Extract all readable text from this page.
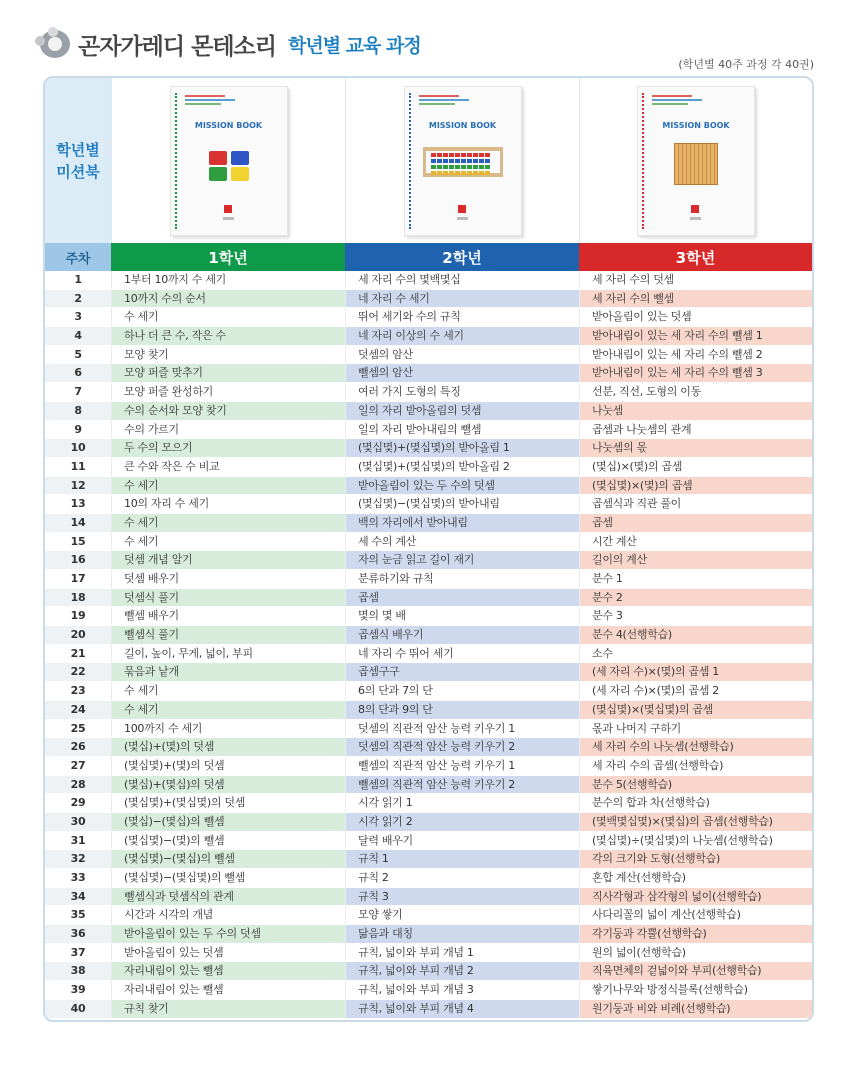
곤자가레디 몬테소리 학년별 교육 과정
(학년별 40주 과정 각 40권)
학년별
미션북
MISSION BOOK	MISSION BOOK	MISSION BOOK
주차	1학년	2학년	3학년
1	1부터 10까지 수 세기	세 자리 수의 몇백몇십	세 자리 수의 덧셈
2	10까지 수의 순서	네 자리 수 세기	세 자리 수의 뺄셈
3	수 세기	뛰어 세기와 수의 규칙	받아올림이 있는 덧셈
4	하나 더 큰 수, 작은 수	네 자리 이상의 수 세기	받아내림이 있는 세 자리 수의 뺄셈 1
5	모양 찾기	덧셈의 암산	받아내림이 있는 세 자리 수의 뺄셈 2
6	모양 퍼즐 맞추기	뺄셈의 암산	받아내림이 있는 세 자리 수의 뺄셈 3
7	모양 퍼즐 완성하기	여러 가지 도형의 특징	선분, 직선, 도형의 이동
8	수의 순서와 모양 찾기	일의 자리 받아올림의 덧셈	나눗셈
9	수의 가르기	일의 자리 받아내림의 뺄셈	곱셈과 나눗셈의 관계
10	두 수의 모으기	(몇십몇)+(몇십몇)의 받아올림 1	나눗셈의 몫
11	큰 수와 작은 수 비교	(몇십몇)+(몇십몇)의 받아올림 2	(몇십)×(몇)의 곱셈
12	수 세기	받아올림이 있는 두 수의 덧셈	(몇십몇)×(몇)의 곱셈
13	10의 자리 수 세기	(몇십몇)−(몇십몇)의 받아내림	곱셈식과 직관 풀이
14	수 세기	백의 자리에서 받아내림	곱셈
15	수 세기	세 수의 계산	시간 계산
16	덧셈 개념 알기	자의 눈금 읽고 길이 재기	길이의 계산
17	덧셈 배우기	분류하기와 규칙	분수 1
18	덧셈식 풀기	곱셈	분수 2
19	뺄셈 배우기	몇의 몇 배	분수 3
20	뺄셈식 풀기	곱셈식 배우기	분수 4(선행학습)
21	길이, 높이, 무게, 넓이, 부피	네 자리 수 뛰어 세기	소수
22	묶음과 낱개	곱셈구구	(세 자리 수)×(몇)의 곱셈 1
23	수 세기	6의 단과 7의 단	(세 자리 수)×(몇)의 곱셈 2
24	수 세기	8의 단과 9의 단	(몇십몇)×(몇십몇)의 곱셈
25	100까지 수 세기	덧셈의 직관적 암산 능력 키우기 1	몫과 나머지 구하기
26	(몇십)+(몇)의 덧셈	덧셈의 직관적 암산 능력 키우기 2	세 자리 수의 나눗셈(선행학습)
27	(몇십몇)+(몇)의 덧셈	뺄셈의 직관적 암산 능력 키우기 1	세 자리 수의 곱셈(선행학습)
28	(몇십)+(몇십)의 덧셈	뺄셈의 직관적 암산 능력 키우기 2	분수 5(선행학습)
29	(몇십몇)+(몇십몇)의 덧셈	시각 읽기 1	분수의 합과 차(선행학습)
30	(몇십)−(몇십)의 뺄셈	시각 읽기 2	(몇백몇십몇)×(몇십)의 곱셈(선행학습)
31	(몇십몇)−(몇)의 뺄셈	달력 배우기	(몇십몇)÷(몇십몇)의 나눗셈(선행학습)
32	(몇십몇)−(몇십)의 뺄셈	규칙 1	각의 크기와 도형(선행학습)
33	(몇십몇)−(몇십몇)의 뺄셈	규칙 2	혼합 계산(선행학습)
34	뺄셈식과 덧셈식의 관계	규칙 3	직사각형과 삼각형의 넓이(선행학습)
35	시간과 시각의 개념	모양 쌓기	사다리꼴의 넓이 계산(선행학습)
36	받아올림이 있는 두 수의 덧셈	닮음과 대칭	각기둥과 각뿔(선행학습)
37	받아올림이 있는 덧셈	규칙, 넓이와 부피 개념 1	원의 넓이(선행학습)
38	자리내림이 있는 뺄셈	규칙, 넓이와 부피 개념 2	직육면체의 겉넓이와 부피(선행학습)
39	자리내림이 있는 뺄셈	규칙, 넓이와 부피 개념 3	쌓기나무와 방정식블록(선행학습)
40	규칙 찾기	규칙, 넓이와 부피 개념 4	원기둥과 비와 비례(선행학습)
